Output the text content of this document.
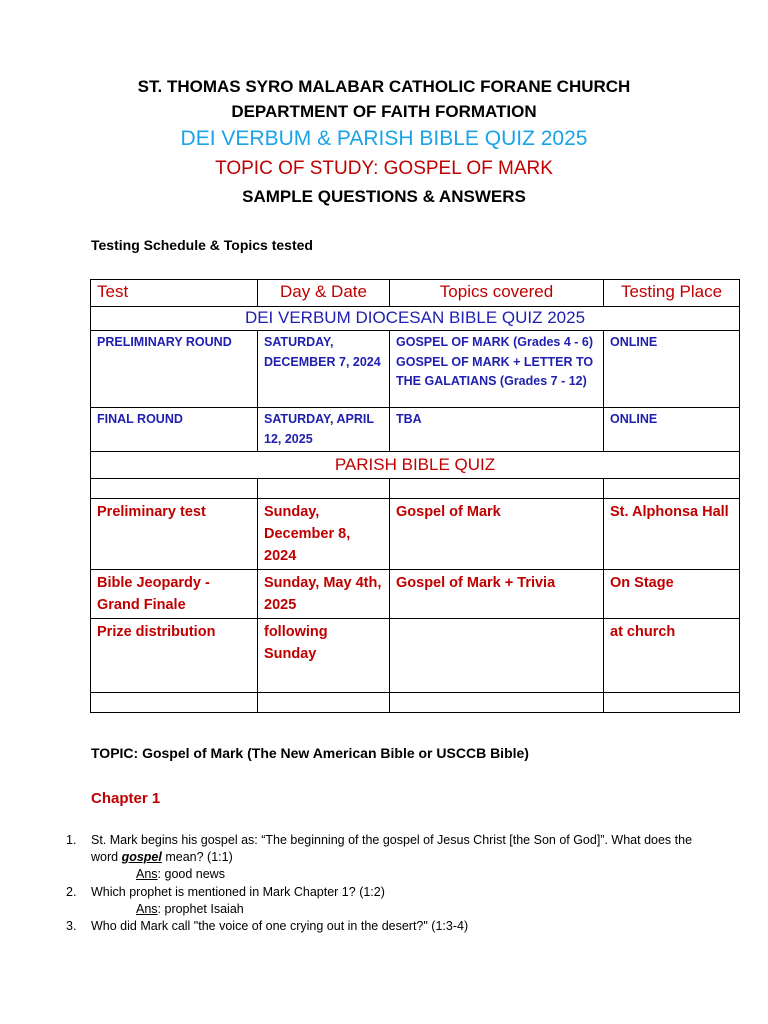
ST. THOMAS SYRO MALABAR CATHOLIC FORANE CHURCH
DEPARTMENT OF FAITH FORMATION
DEI VERBUM & PARISH BIBLE QUIZ 2025
TOPIC OF STUDY: GOSPEL OF MARK
SAMPLE QUESTIONS & ANSWERS
Testing Schedule & Topics tested
Test	Day & Date	Topics covered	Testing Place
DEI VERBUM DIOCESAN BIBLE QUIZ 2025			
PRELIMINARY ROUND	SATURDAY, DECEMBER 7, 2024	GOSPEL OF MARK (Grades 4 - 6) GOSPEL OF MARK + LETTER TO THE GALATIANS (Grades 7 - 12)	ONLINE
FINAL ROUND	SATURDAY, APRIL 12, 2025	TBA	ONLINE
PARISH BIBLE QUIZ			

Preliminary test	Sunday, December 8, 2024	Gospel of Mark	St. Alphonsa Hall
Bible Jeopardy - Grand Finale	Sunday, May 4th, 2025	Gospel of Mark + Trivia	On Stage
Prize distribution	following Sunday		at church

TOPIC: Gospel of Mark (The New American Bible or USCCB Bible)
Chapter 1
1. St. Mark begins his gospel as: “The beginning of the gospel of Jesus Christ [the Son of God]”. What does the word gospel mean? (1:1)
Ans: good news
2. Which prophet is mentioned in Mark Chapter 1? (1:2)
Ans: prophet Isaiah
3. Who did Mark call "the voice of one crying out in the desert?" (1:3-4)
